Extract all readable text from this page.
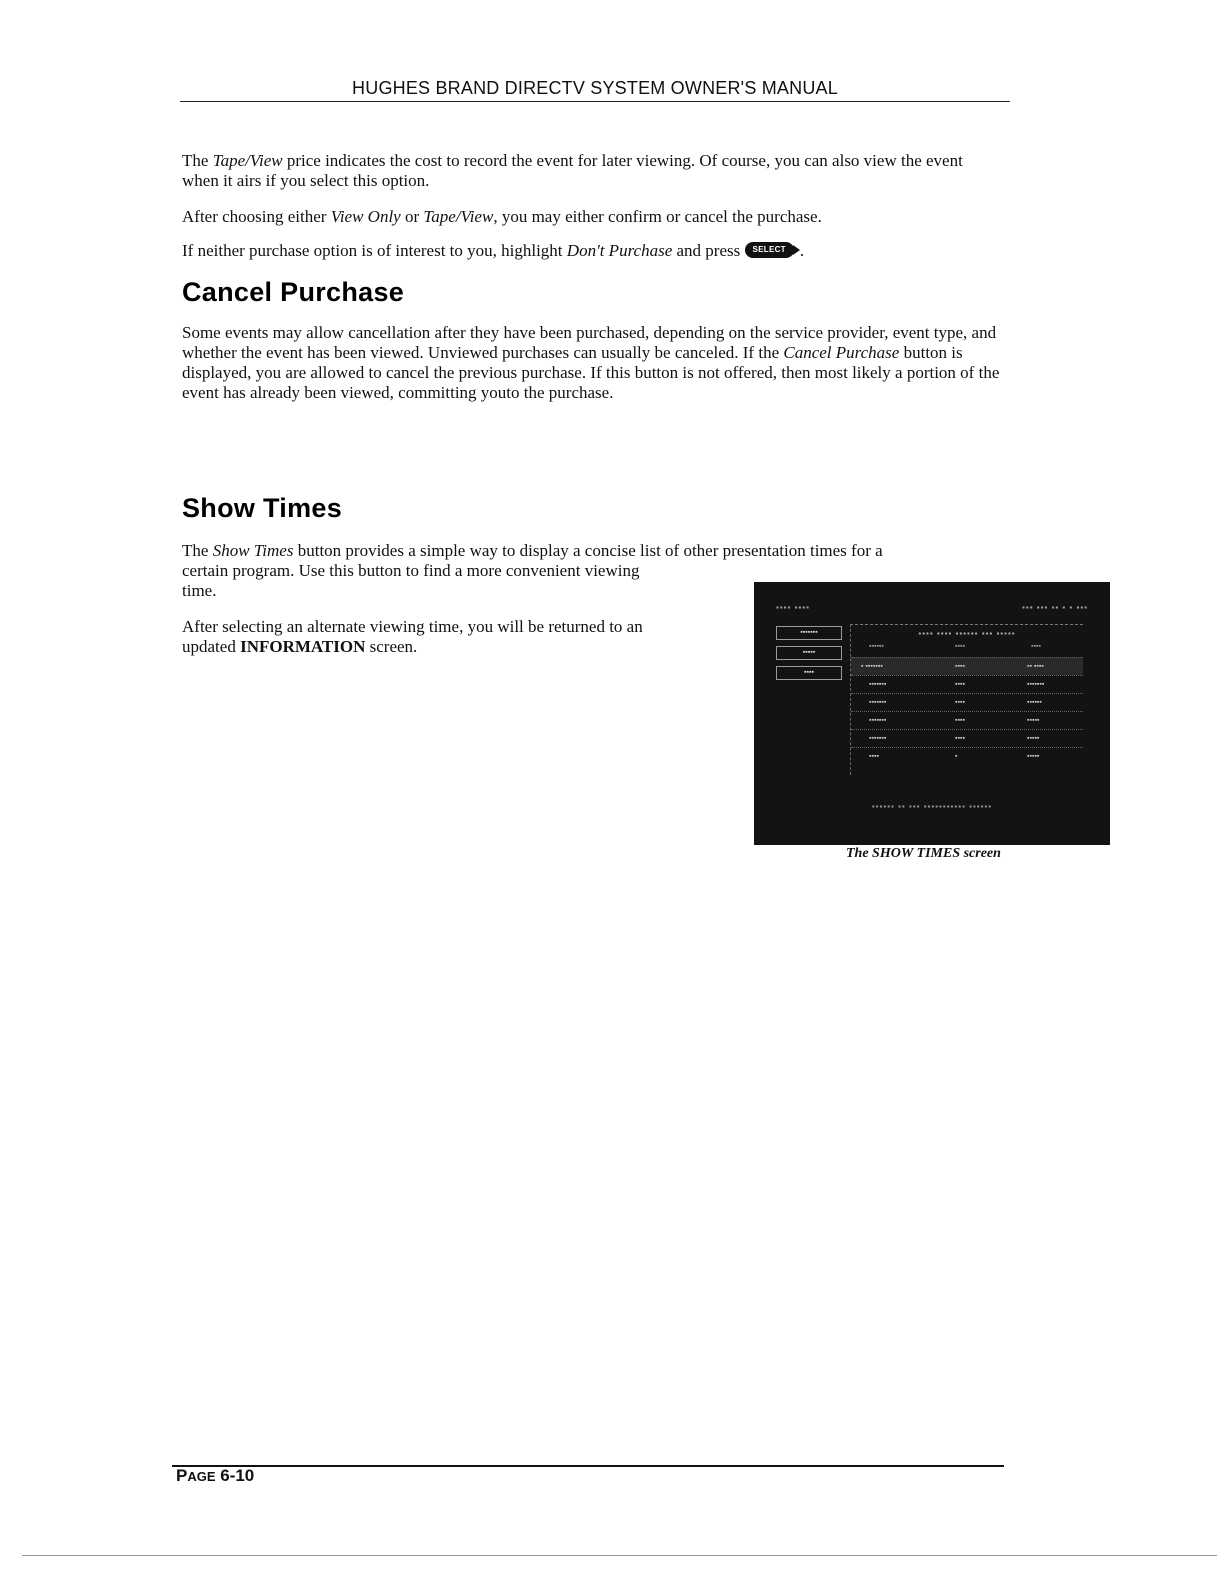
HUGHES BRAND DIRECTV SYSTEM OWNER'S MANUAL
The Tape/View price indicates the cost to record the event for later viewing. Of course, you can also view the event when it airs if you select this option.
After choosing either View Only or Tape/View, you may either confirm or cancel the purchase.
If neither purchase option is of interest to you, highlight Don't Purchase and press SELECT .
Cancel Purchase
Some events may allow cancellation after they have been purchased, depending on the service provider, event type, and whether the event has been viewed. Unviewed purchases can usually be canceled. If the Cancel Purchase button is displayed, you are allowed to cancel the previous purchase. If this button is not offered, then most likely a portion of the event has already been viewed, committing youto the purchase.
Show Times
The Show Times button provides a simple way to display a concise list of other presentation times for a
certain program. Use this button to find a more convenient viewing
time.
After selecting an alternate viewing time, you will be returned to an
updated INFORMATION screen.
▪▪▪▪ ▪▪▪▪	▪▪▪ ▪▪▪ ▪▪ ▪ ▪ ▪▪▪
▪▪▪▪▪▪▪
▪▪▪▪▪
▪▪▪▪
▪▪▪▪ ▪▪▪▪ ▪▪▪▪▪▪ ▪▪▪ ▪▪▪▪▪
▪▪▪▪▪▪	▪▪▪▪	▪▪▪▪
▪ ▪▪▪▪▪▪▪	▪▪▪▪	▪▪ ▪▪▪▪
▪▪▪▪▪▪▪	▪▪▪▪	▪▪▪▪▪▪▪
▪▪▪▪▪▪▪	▪▪▪▪	▪▪▪▪▪▪
▪▪▪▪▪▪▪	▪▪▪▪	▪▪▪▪▪
▪▪▪▪▪▪▪	▪▪▪▪	▪▪▪▪▪
▪▪▪▪	▪	▪▪▪▪▪
▪▪▪▪▪▪ ▪▪ ▪▪▪ ▪▪▪▪▪▪▪▪▪▪▪ ▪▪▪▪▪▪
The SHOW TIMES screen
PAGE 6-10
